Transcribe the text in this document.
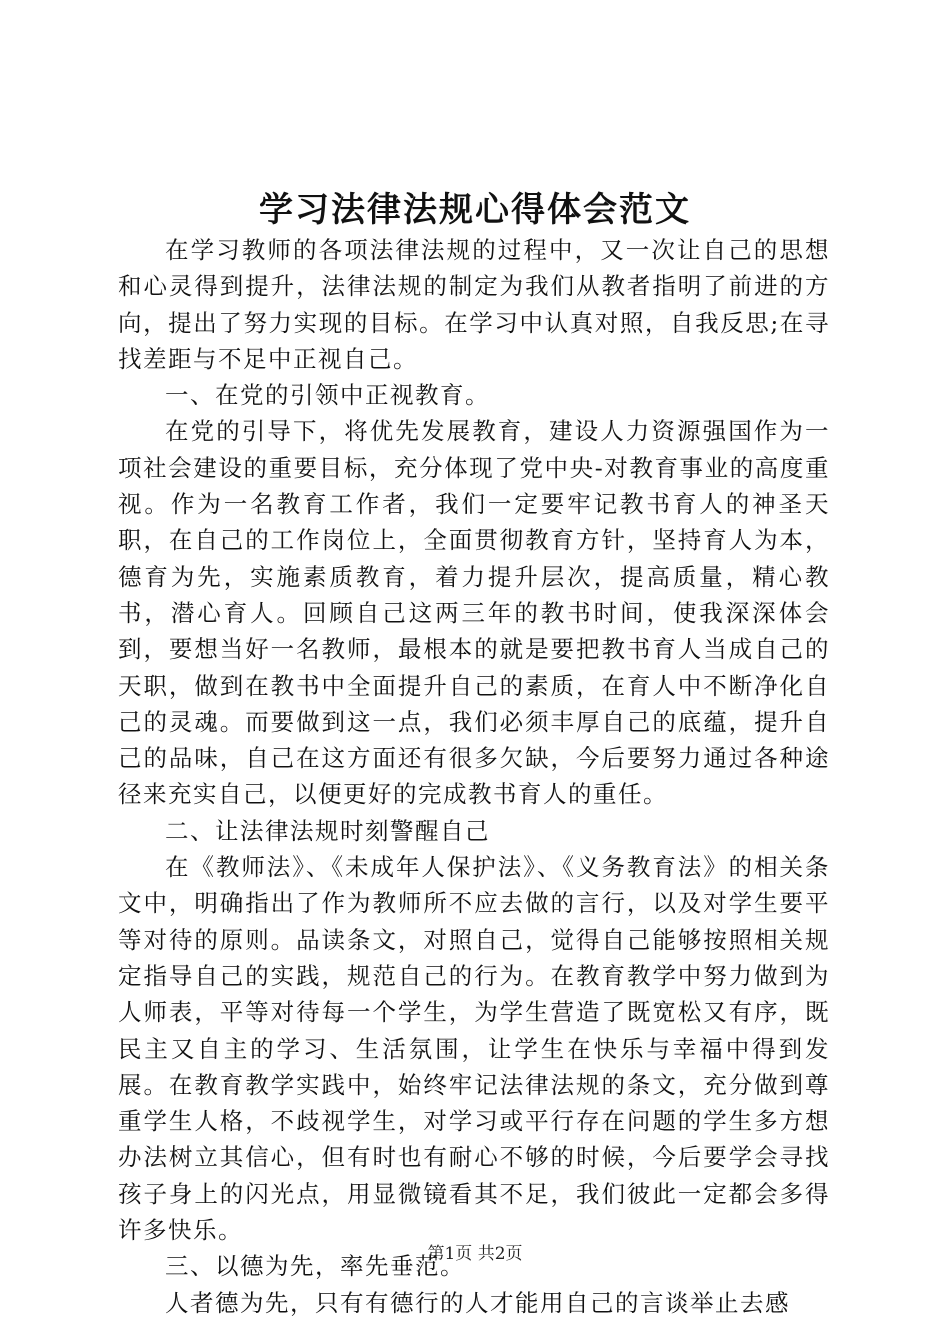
学习法律法规心得体会范文

在学习教师的各项法律法规的过程中，又一次让自己的思想和心灵得到提升，法律法规的制定为我们从教者指明了前进的方向，提出了努力实现的目标。在学习中认真对照，自我反思;在寻找差距与不足中正视自己。

一、在党的引领中正视教育。

在党的引导下，将优先发展教育，建设人力资源强国作为一项社会建设的重要目标，充分体现了党中央-对教育事业的高度重视。作为一名教育工作者，我们一定要牢记教书育人的神圣天职，在自己的工作岗位上，全面贯彻教育方针，坚持育人为本，德育为先，实施素质教育，着力提升层次，提高质量，精心教书，潜心育人。回顾自己这两三年的教书时间，使我深深体会到，要想当好一名教师，最根本的就是要把教书育人当成自己的天职，做到在教书中全面提升自己的素质，在育人中不断净化自己的灵魂。而要做到这一点，我们必须丰厚自己的底蕴，提升自己的品味，自己在这方面还有很多欠缺，今后要努力通过各种途径来充实自己，以便更好的完成教书育人的重任。

二、让法律法规时刻警醒自己

在《教师法》、《未成年人保护法》、《义务教育法》的相关条文中，明确指出了作为教师所不应去做的言行，以及对学生要平等对待的原则。品读条文，对照自己，觉得自己能够按照相关规定指导自己的实践，规范自己的行为。在教育教学中努力做到为人师表，平等对待每一个学生，为学生营造了既宽松又有序，既民主又自主的学习、生活氛围，让学生在快乐与幸福中得到发展。在教育教学实践中，始终牢记法律法规的条文，充分做到尊重学生人格，不歧视学生，对学习或平行存在问题的学生多方想办法树立其信心，但有时也有耐心不够的时候，今后要学会寻找孩子身上的闪光点，用显微镜看其不足，我们彼此一定都会多得许多快乐。

三、以德为先，率先垂范。

人者德为先，只有有德行的人才能用自己的言谈举止去感

第1页 共2页
